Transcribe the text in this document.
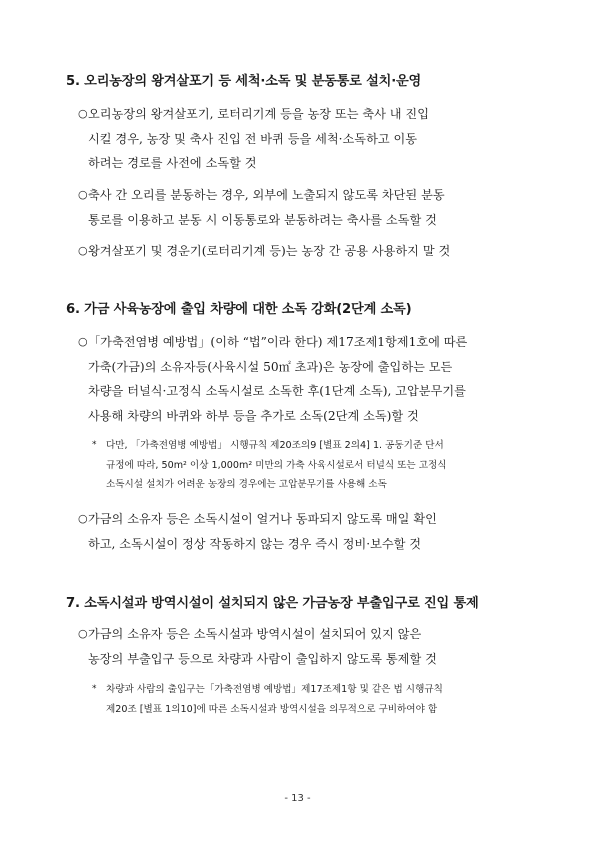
5. 오리농장의 왕겨살포기 등 세척·소독 및 분동통로 설치·운영
○ 오리농장의 왕겨살포기, 로터리기계 등을 농장 또는 축사 내 진입
시킬 경우, 농장 및 축사 진입 전 바퀴 등을 세척·소독하고 이동
하려는 경로를 사전에 소독할 것
○ 축사 간 오리를 분동하는 경우, 외부에 노출되지 않도록 차단된 분동
통로를 이용하고 분동 시 이동통로와 분동하려는 축사를 소독할 것
○ 왕겨살포기 및 경운기(로터리기계 등)는 농장 간 공용 사용하지 말 것
6. 가금 사육농장에 출입 차량에 대한 소독 강화(2단계 소독)
○ 「가축전염병 예방법」(이하 “법”이라 한다) 제17조제1항제1호에 따른
가축(가금)의 소유자등(사육시설 50㎡ 초과)은 농장에 출입하는 모든
차량을 터널식·고정식 소독시설로 소독한 후(1단계 소독), 고압분무기를
사용해 차량의 바퀴와 하부 등을 추가로 소독(2단계 소독)할 것
* 다만, 「가축전염병 예방법」 시행규칙 제20조의9 [별표 2의4] 1. 공동기준 단서
규정에 따라, 50m² 이상 1,000m² 미만의 가축 사육시설로서 터널식 또는 고정식
소독시설 설치가 어려운 농장의 경우에는 고압분무기를 사용해 소독
○ 가금의 소유자 등은 소독시설이 얼거나 동파되지 않도록 매일 확인
하고, 소독시설이 정상 작동하지 않는 경우 즉시 정비·보수할 것
7. 소독시설과 방역시설이 설치되지 않은 가금농장 부출입구로 진입 통제
○ 가금의 소유자 등은 소독시설과 방역시설이 설치되어 있지 않은
농장의 부출입구 등으로 차량과 사람이 출입하지 않도록 통제할 것
* 차량과 사람의 출입구는「가축전염병 예방법」제17조제1항 및 같은 법 시행규칙
제20조 [별표 1의10]에 따른 소독시설과 방역시설을 의무적으로 구비하여야 함
- 13 -
